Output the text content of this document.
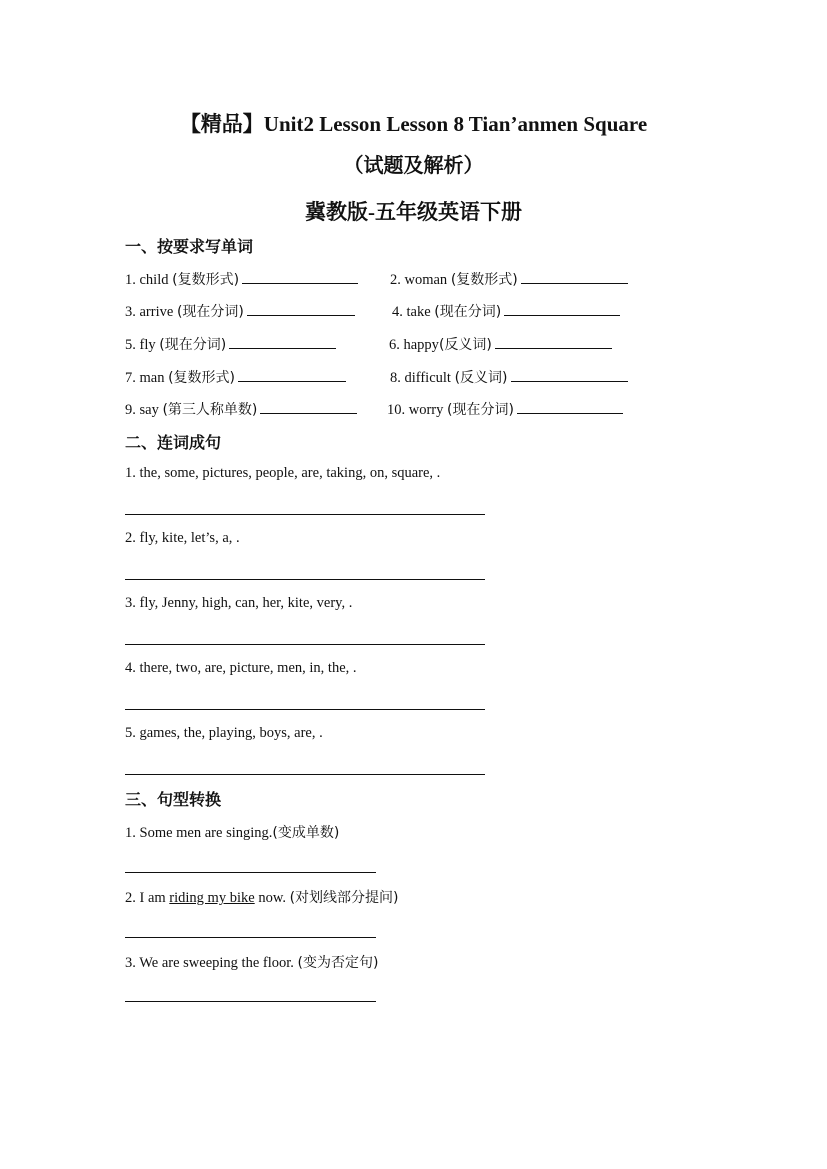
【精品】Unit2 Lesson Lesson 8 Tian’anmen Square
（试题及解析）
冀教版-五年级英语下册
一、按要求写单词
1. child (复数形式)	2. woman (复数形式)
3. arrive (现在分词)	4. take (现在分词)
5. fly (现在分词)	6. happy(反义词)
7. man (复数形式)	8. difficult (反义词)
9. say (第三人称单数)	10. worry (现在分词)
二、连词成句
1. the, some, pictures, people, are, taking, on, square, .
2. fly, kite, let’s, a, .
3. fly, Jenny, high, can, her, kite, very, .
4. there, two, are, picture, men, in, the, .
5. games, the, playing, boys, are, .
三、句型转换
1. Some men are singing.(变成单数)
2. I am riding my bike now. (对划线部分提问)
3. We are sweeping the floor. (变为否定句)
